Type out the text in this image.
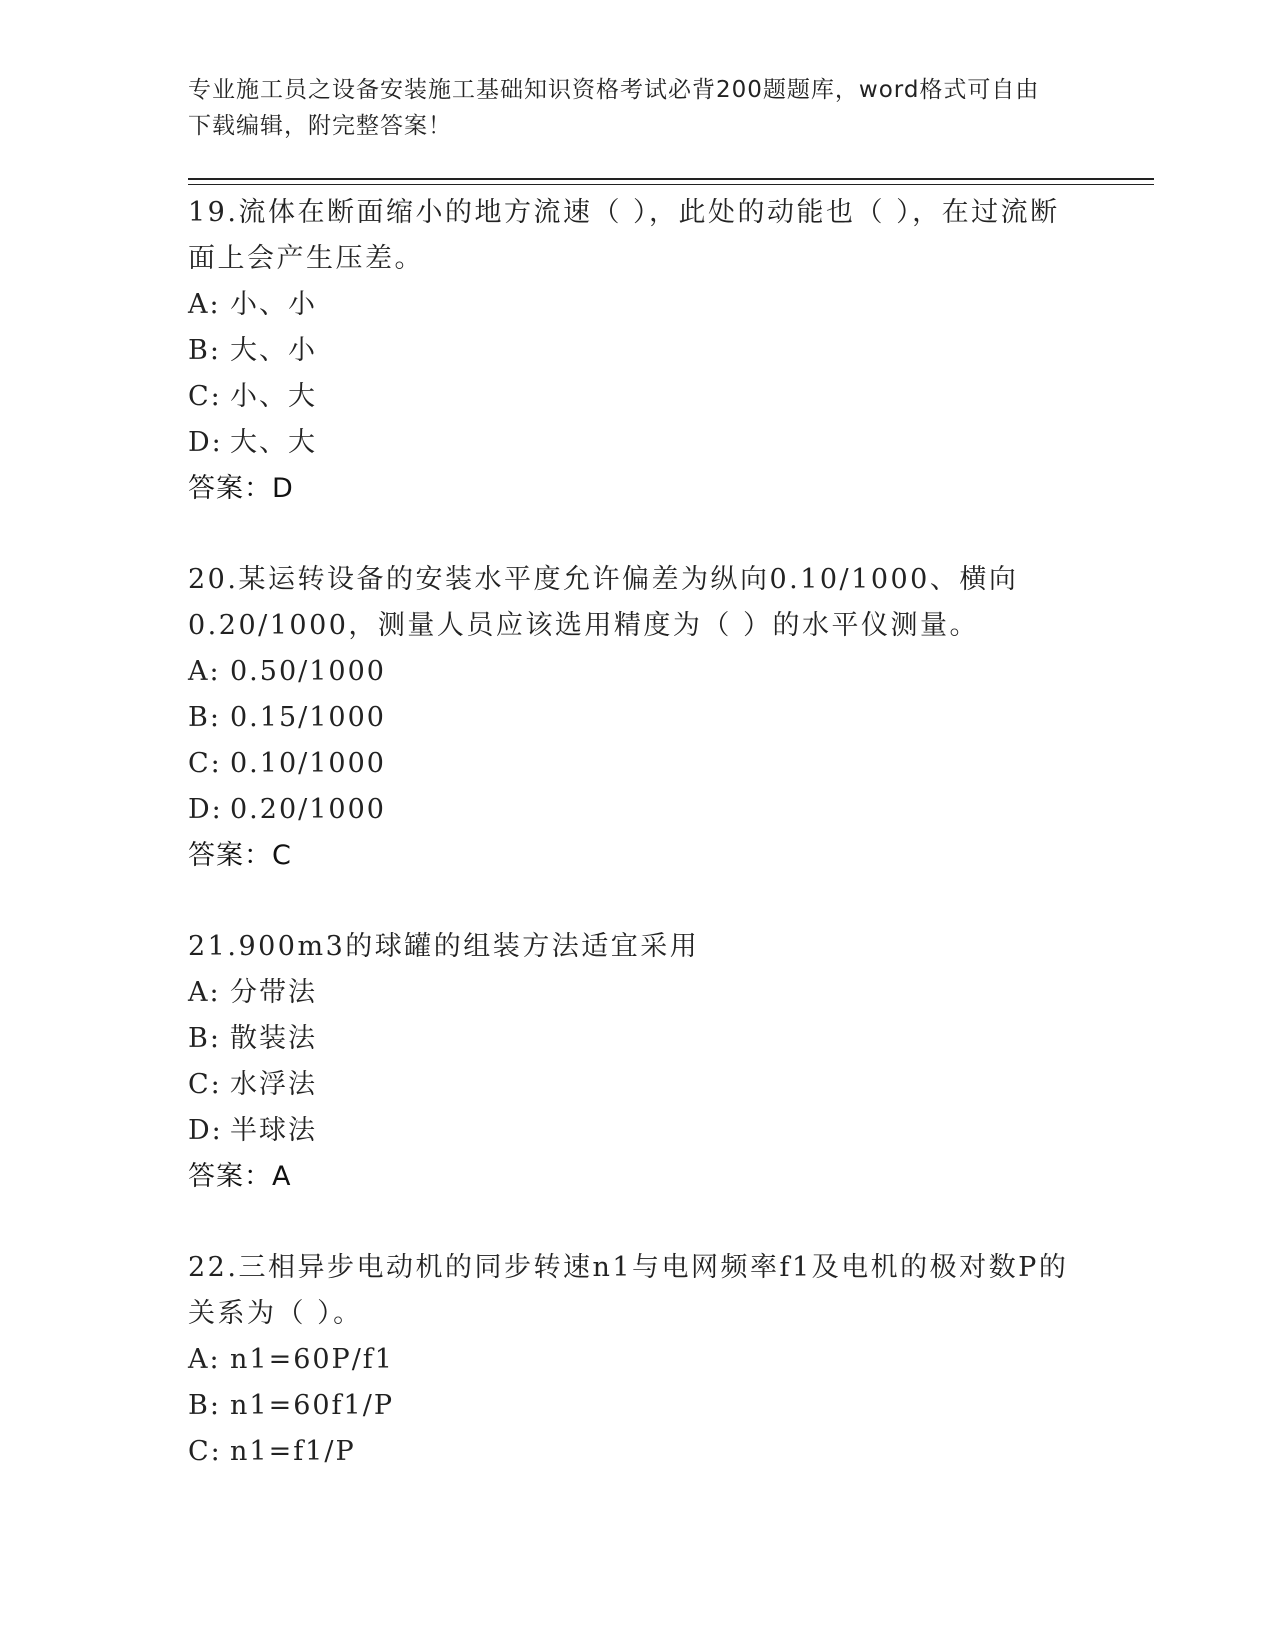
专业施工员之设备安装施工基础知识资格考试必背200题题库，word格式可自由
下载编辑，附完整答案！
19.流体在断面缩小的地方流速（ ），此处的动能也（ ），在过流断
面上会产生压差。
A: 小、小
B: 大、小
C: 小、大
D: 大、大
答案：D
20.某运转设备的安装水平度允许偏差为纵向0.10/1000、横向
0.20/1000，测量人员应该选用精度为（ ）的水平仪测量。
A: 0.50/1000
B: 0.15/1000
C: 0.10/1000
D: 0.20/1000
答案：C
21.900m3的球罐的组装方法适宜采用
A: 分带法
B: 散装法
C: 水浮法
D: 半球法
答案：A
22.三相异步电动机的同步转速n1与电网频率f1及电机的极对数P的
关系为（ ）。
A: n1=60P/f1
B: n1=60f1/P
C: n1=f1/P
